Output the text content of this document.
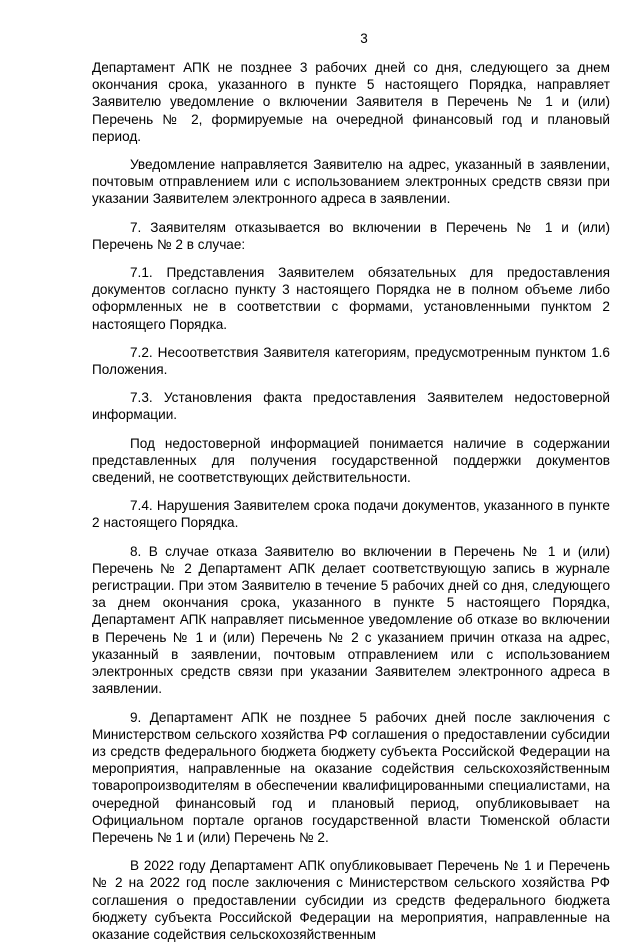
3

Департамент АПК не позднее 3 рабочих дней со дня, следующего за днем окончания срока, указанного в пункте 5 настоящего Порядка, направляет Заявителю уведомление о включении Заявителя в Перечень № 1 и (или) Перечень № 2, формируемые на очередной финансовый год и плановый период.

Уведомление направляется Заявителю на адрес, указанный в заявлении, почтовым отправлением или с использованием электронных средств связи при указании Заявителем электронного адреса в заявлении.

7. Заявителям отказывается во включении в Перечень № 1 и (или) Перечень № 2 в случае:

7.1. Представления Заявителем обязательных для предоставления документов согласно пункту 3 настоящего Порядка не в полном объеме либо оформленных не в соответствии с формами, установленными пунктом 2 настоящего Порядка.

7.2. Несоответствия Заявителя категориям, предусмотренным пунктом 1.6 Положения.

7.3. Установления факта предоставления Заявителем недостоверной информации.

Под недостоверной информацией понимается наличие в содержании представленных для получения государственной поддержки документов сведений, не соответствующих действительности.

7.4. Нарушения Заявителем срока подачи документов, указанного в пункте 2 настоящего Порядка.

8. В случае отказа Заявителю во включении в Перечень № 1 и (или) Перечень № 2 Департамент АПК делает соответствующую запись в журнале регистрации. При этом Заявителю в течение 5 рабочих дней со дня, следующего за днем окончания срока, указанного в пункте 5 настоящего Порядка, Департамент АПК направляет письменное уведомление об отказе во включении в Перечень № 1 и (или) Перечень № 2 с указанием причин отказа на адрес, указанный в заявлении, почтовым отправлением или с использованием электронных средств связи при указании Заявителем электронного адреса в заявлении.

9. Департамент АПК не позднее 5 рабочих дней после заключения с Министерством сельского хозяйства РФ соглашения о предоставлении субсидии из средств федерального бюджета бюджету субъекта Российской Федерации на мероприятия, направленные на оказание содействия сельскохозяйственным товаропроизводителям в обеспечении квалифицированными специалистами, на очередной финансовый год и плановый период, опубликовывает на Официальном портале органов государственной власти Тюменской области Перечень № 1 и (или) Перечень № 2.

В 2022 году Департамент АПК опубликовывает Перечень № 1 и Перечень № 2 на 2022 год после заключения с Министерством сельского хозяйства РФ соглашения о предоставлении субсидии из средств федерального бюджета бюджету субъекта Российской Федерации на мероприятия, направленные на оказание содействия сельскохозяйственным
